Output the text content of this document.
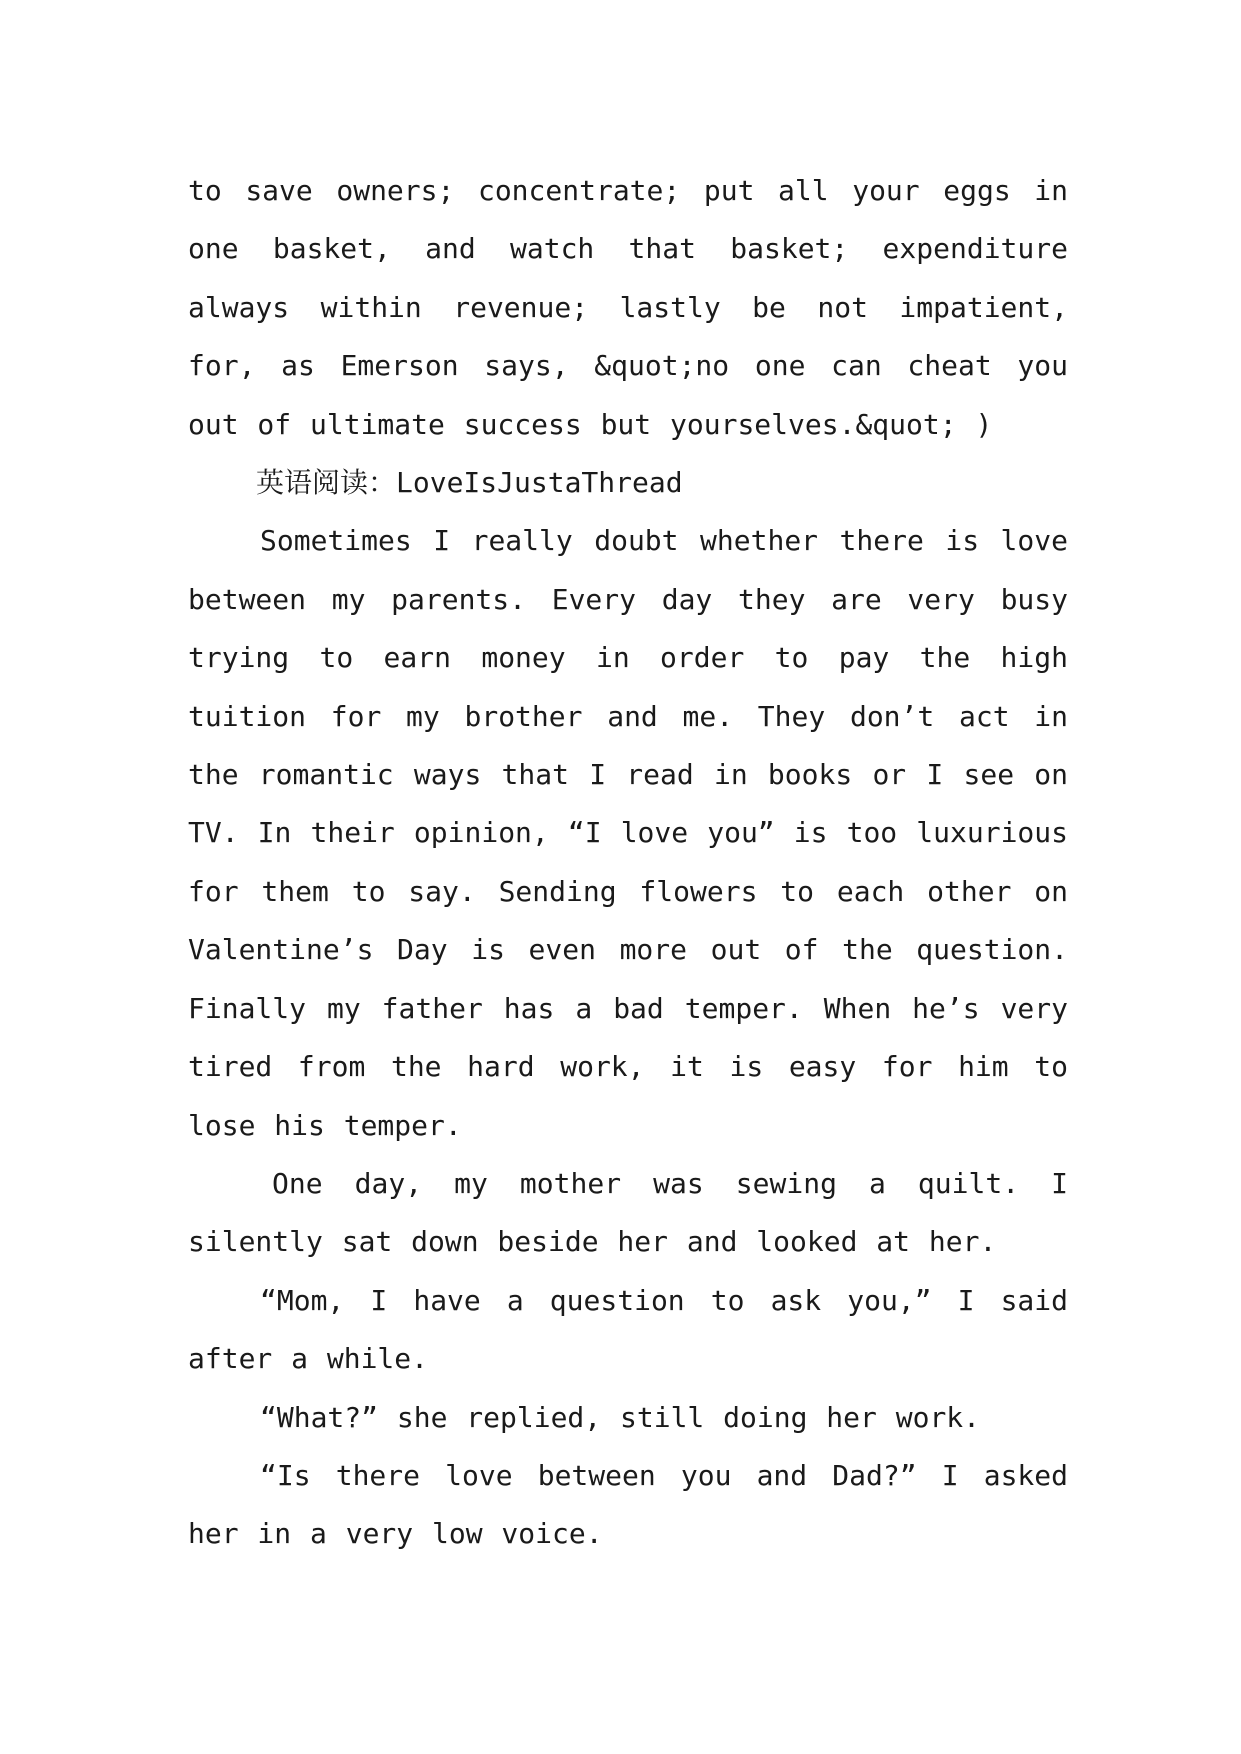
to save owners; concentrate; put all your eggs in one basket, and watch that basket; expenditure always within revenue; lastly be not impatient, for, as Emerson says, &quot;no one can cheat you out of ultimate success but yourselves.&quot; )

英语阅读：LoveIsJustaThread

Sometimes I really doubt whether there is love between my parents. Every day they are very busy trying to earn money in order to pay the high tuition for my brother and me. They don’t act in the romantic ways that I read in books or I see on TV. In their opinion, “I love you” is too luxurious for them to say. Sending flowers to each other on Valentine’s Day is even more out of the question. Finally my father has a bad temper. When he’s very tired from the hard work, it is easy for him to lose his temper.

One day, my mother was sewing a quilt. I silently sat down beside her and looked at her.

“Mom, I have a question to ask you,” I said after a while.

“What?” she replied, still doing her work.

“Is there love between you and Dad?” I asked her in a very low voice.
